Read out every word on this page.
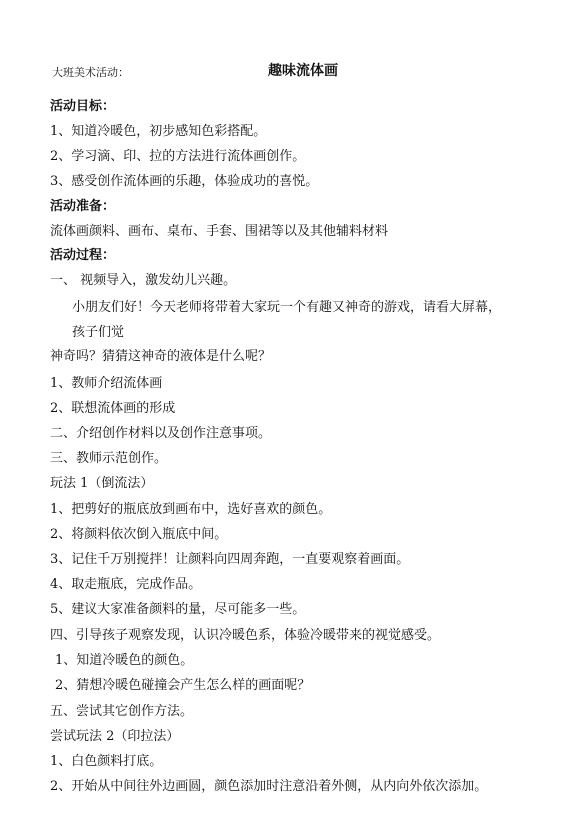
大班美术活动：	趣味流体画
活动目标：
1、知道冷暖色，初步感知色彩搭配。
2、学习滴、印、拉的方法进行流体画创作。
3、感受创作流体画的乐趣，体验成功的喜悦。
活动准备：
流体画颜料、画布、桌布、手套、围裙等以及其他辅料材料
活动过程：
一、 视频导入，激发幼儿兴趣。
小朋友们好！今天老师将带着大家玩一个有趣又神奇的游戏，请看大屏幕，
孩子们觉
神奇吗？猜猜这神奇的液体是什么呢？
1、教师介绍流体画
2、联想流体画的形成
二、介绍创作材料以及创作注意事项。
三、教师示范创作。
玩法 1（倒流法）
1、把剪好的瓶底放到画布中，选好喜欢的颜色。
2、将颜料依次倒入瓶底中间。
3、记住千万别搅拌！让颜料向四周奔跑，一直要观察着画面。
4、取走瓶底，完成作品。
5、建议大家准备颜料的量，尽可能多一些。
四、引导孩子观察发现，认识冷暖色系，体验冷暖带来的视觉感受。
1、知道冷暖色的颜色。
2、猜想冷暖色碰撞会产生怎么样的画面呢？
五、尝试其它创作方法。
尝试玩法 2（印拉法）
1、白色颜料打底。
2、开始从中间往外边画圆，颜色添加时注意沿着外侧，从内向外依次添加。
